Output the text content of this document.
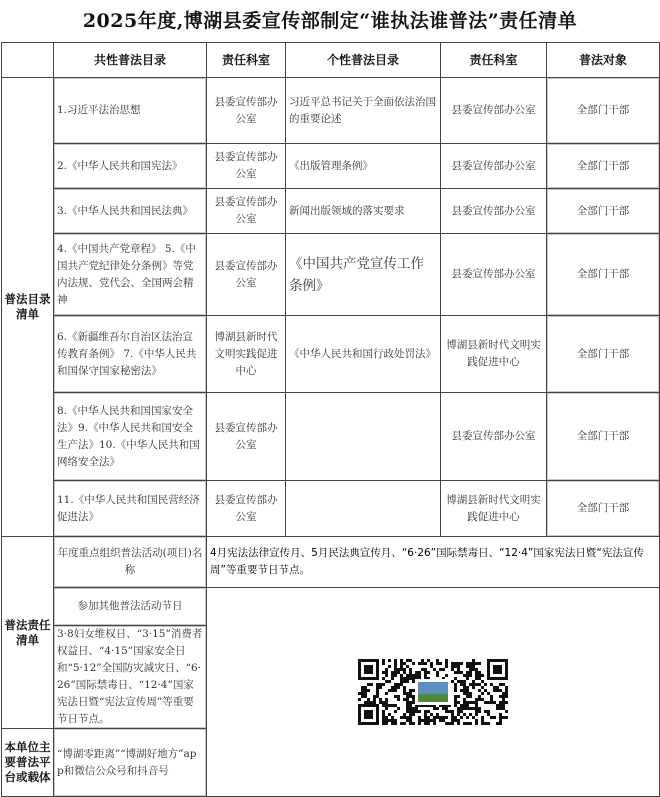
2025年度,博湖县委宣传部制定“谁执法谁普法”责任清单
	共性普法目录	责任科室	个性普法目录	责任科室	普法对象
普法目录清单	1.习近平法治思想	县委宣传部办公室	习近平总书记关于全面依法治国的重要论述	县委宣传部办公室	全部门干部
	2.《中华人民共和国宪法》	县委宣传部办公室	《出版管理条例》	县委宣传部办公室	全部门干部
	3.《中华人民共和国民法典》	县委宣传部办公室	新闻出版领域的落实要求	县委宣传部办公室	全部门干部
	4.《中国共产党章程》 5.《中国共产党纪律处分条例》等党内法规、党代会、全国两会精神	县委宣传部办公室	《中国共产党宣传工作条例》	县委宣传部办公室	全部门干部
	6.《新疆维吾尔自治区法治宣传教育条例》 7.《中华人民共和国保守国家秘密法》	博湖县新时代文明实践促进中心	《中华人民共和国行政处罚法》	博湖县新时代文明实践促进中心	全部门干部
	8.《中华人民共和国国家安全法》9.《中华人民共和国安全生产法》10.《中华人民共和国网络安全法》	县委宣传部办公室		县委宣传部办公室	全部门干部
	11.《中华人民共和国民营经济促进法》	县委宣传部办公室		博湖县新时代文明实践促进中心	全部门干部
普法责任清单	年度重点组织普法活动(项目)名称	4月宪法法律宣传月、5月民法典宣传月、“6·26”国际禁毒日、“12·4”国家宪法日暨“宪法宣传周”等重要节日节点。			
	参加其他普法活动节日	

	3·8妇女维权日、“3·15”消费者权益日、“4·15”国家安全日和“5·12”全国防灾减灾日、“6·26”国际禁毒日、“12·4”国家宪法日暨“宪法宣传周”等重要节日节点。				
本单位主要普法平台或载体	“博湖零距离”“博湖好地方”app和微信公众号和抖音号				
